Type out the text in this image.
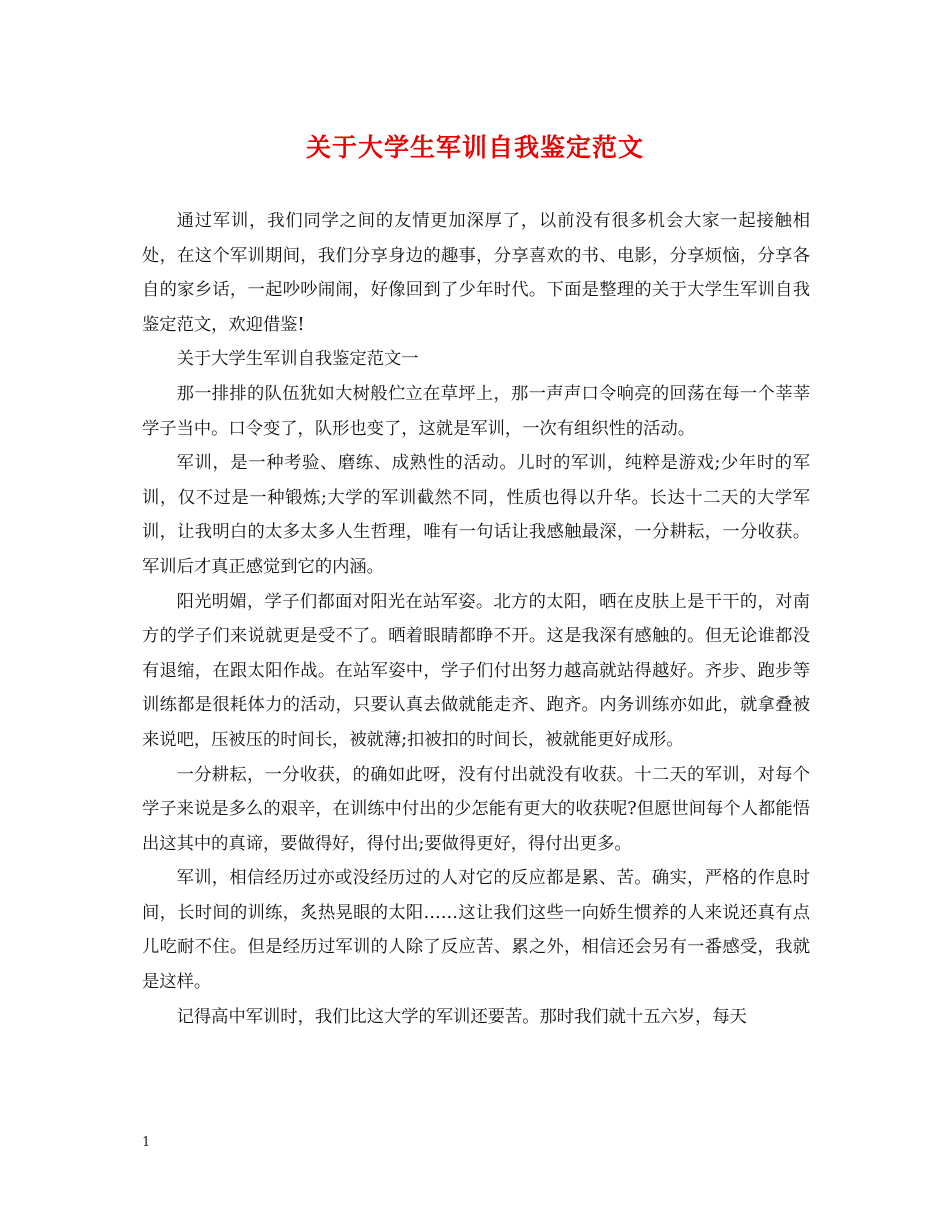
关于大学生军训自我鉴定范文

通过军训，我们同学之间的友情更加深厚了，以前没有很多机会大家一起接触相处，在这个军训期间，我们分享身边的趣事，分享喜欢的书、电影，分享烦恼，分享各自的家乡话，一起吵吵闹闹，好像回到了少年时代。下面是整理的关于大学生军训自我鉴定范文，欢迎借鉴!

关于大学生军训自我鉴定范文一

那一排排的队伍犹如大树般伫立在草坪上，那一声声口令响亮的回荡在每一个莘莘学子当中。口令变了，队形也变了，这就是军训，一次有组织性的活动。

军训，是一种考验、磨练、成熟性的活动。儿时的军训，纯粹是游戏;少年时的军训，仅不过是一种锻炼;大学的军训截然不同，性质也得以升华。长达十二天的大学军训，让我明白的太多太多人生哲理，唯有一句话让我感触最深，一分耕耘，一分收获。军训后才真正感觉到它的内涵。

阳光明媚，学子们都面对阳光在站军姿。北方的太阳，晒在皮肤上是干干的，对南方的学子们来说就更是受不了。晒着眼睛都睁不开。这是我深有感触的。但无论谁都没有退缩，在跟太阳作战。在站军姿中，学子们付出努力越高就站得越好。齐步、跑步等训练都是很耗体力的活动，只要认真去做就能走齐、跑齐。内务训练亦如此，就拿叠被来说吧，压被压的时间长，被就薄;扣被扣的时间长，被就能更好成形。

一分耕耘，一分收获，的确如此呀，没有付出就没有收获。十二天的军训，对每个学子来说是多么的艰辛，在训练中付出的少怎能有更大的收获呢?但愿世间每个人都能悟出这其中的真谛，要做得好，得付出;要做得更好，得付出更多。

军训，相信经历过亦或没经历过的人对它的反应都是累、苦。确实，严格的作息时间，长时间的训练，炙热晃眼的太阳……这让我们这些一向娇生惯养的人来说还真有点儿吃耐不住。但是经历过军训的人除了反应苦、累之外，相信还会另有一番感受，我就是这样。

记得高中军训时，我们比这大学的军训还要苦。那时我们就十五六岁，每天

1
